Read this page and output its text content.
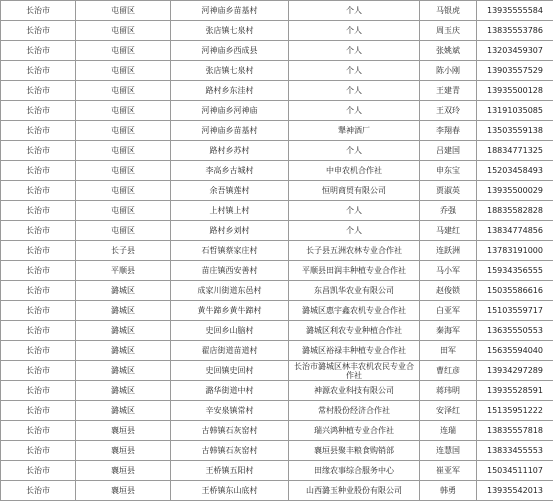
长治市	屯留区	河神庙乡苗基村	个人	马银虎	13935555584
长治市	屯留区	张店镇七泉村	个人	周玉庆	13835553786
长治市	屯留区	河神庙乡西成县	个人	张姚斌	13203459307
长治市	屯留区	张店镇七泉村	个人	陈小刚	13903557529
长治市	屯留区	路村乡东洼村	个人	王建青	13935500128
长治市	屯留区	河神庙乡河神庙	个人	王双玲	13191035085
长治市	屯留区	河神庙乡苗基村	犟神酒厂	李翔春	13503559138
长治市	屯留区	路村乡苏村	个人	吕建国	18834771325
长治市	屯留区	李高乡古城村	中申农机合作社	申东宝	15203458493
长治市	屯留区	余吾镇莲村	恒明商贸有限公司	贾淑英	13935500029
长治市	屯留区	上村镇上村	个人	乔强	18835582828
长治市	屯留区	路村乡刘村	个人	马建红	13834774856
长治市	长子县	石哲镇蔡家庄村	长子县五洲农林专业合作社	连跃洲	13783191000
长治市	平顺县	苗庄镇西安善村	平顺县田润丰种植专业合作社	马小军	15934356555
长治市	潞城区	成家川街道东邑村	东昌凯华农业有限公司	赵俊锁	15035586616
长治市	潞城区	黄牛蹄乡黄牛蹄村	潞城区惠宇鑫农机专业合作社	白亚军	15103559717
长治市	潞城区	史回乡山脑村	潞城区利农专业种植合作社	秦海军	13635550553
长治市	潞城区	翟店街道苗道村	潞城区裕禄丰种植专业合作社	田军	15635594040
长治市	潞城区	史回镇史回村	长治市潞城区林丰农机农民专业合作社	曹红彦	13934297289
长治市	潞城区	潞华街道中村	神源农业科技有限公司	蒋玮明	13935528591
长治市	潞城区	辛安泉镇常村	常村股份经济合作社	安泽红	15135951222
长治市	襄垣县	古韩镇石灰窑村	瑞兴鸿种植专业合作社	连瑞	13835557818
长治市	襄垣县	古韩镇石灰窑村	襄垣县聚丰粮食购销部	连慧国	13833455553
长治市	襄垣县	王桥镇五阳村	田缘农事综合服务中心	崔亚军	15034511107
长治市	襄垣县	王桥镇东山底村	山西潞玉种业股份有限公司	韩勇	13935542013
